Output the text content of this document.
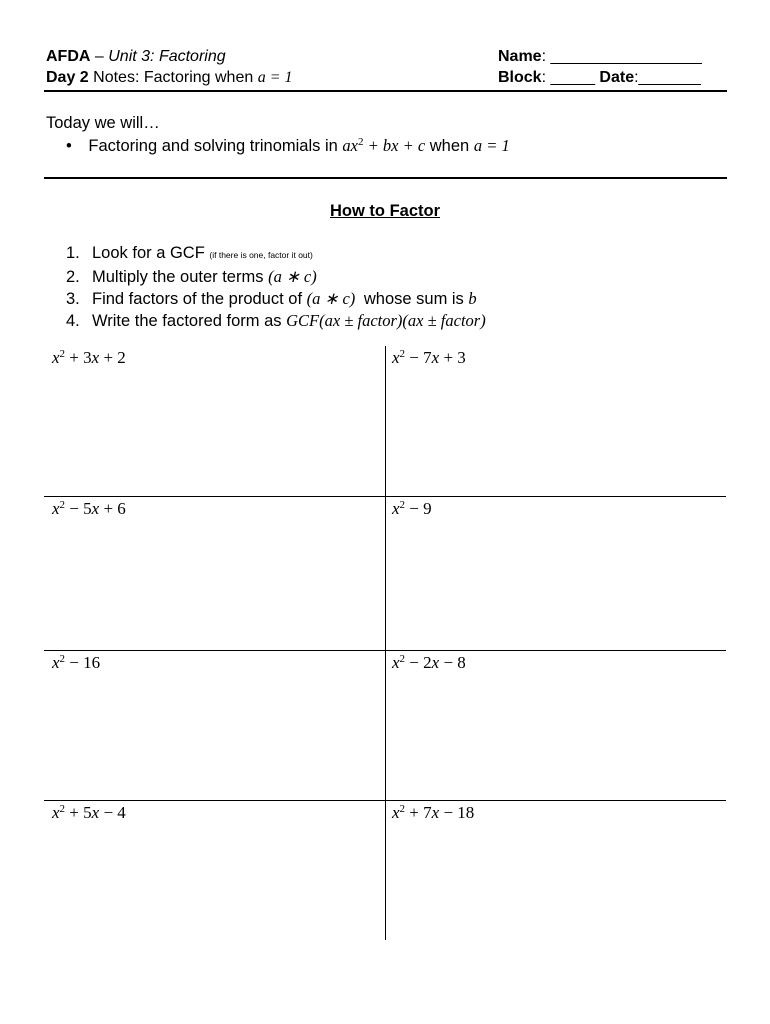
AFDA – Unit 3: Factoring
Day 2 Notes: Factoring when a = 1
Name: _________________
Block: _____ Date:_______
Today we will…
• Factoring and solving trinomials in $ax^2$ + bx + c when a = 1
How to Factor
1. Look for a GCF (if there is one, factor it out)
2. Multiply the outer terms (a ∗ c)
3. Find factors of the product of (a ∗ c) whose sum is b
4. Write the factored form as GCF(ax ± factor)(ax ± factor)
$x^2 + 3x + 2$	$x^2 - 7x + 3$
$x^2 - 5x + 6$	$x^2 - 9$
$x^2 - 16$	$x^2 - 2x - 8$
$x^2 + 5x - 4$	$x^2 + 7x - 18$
